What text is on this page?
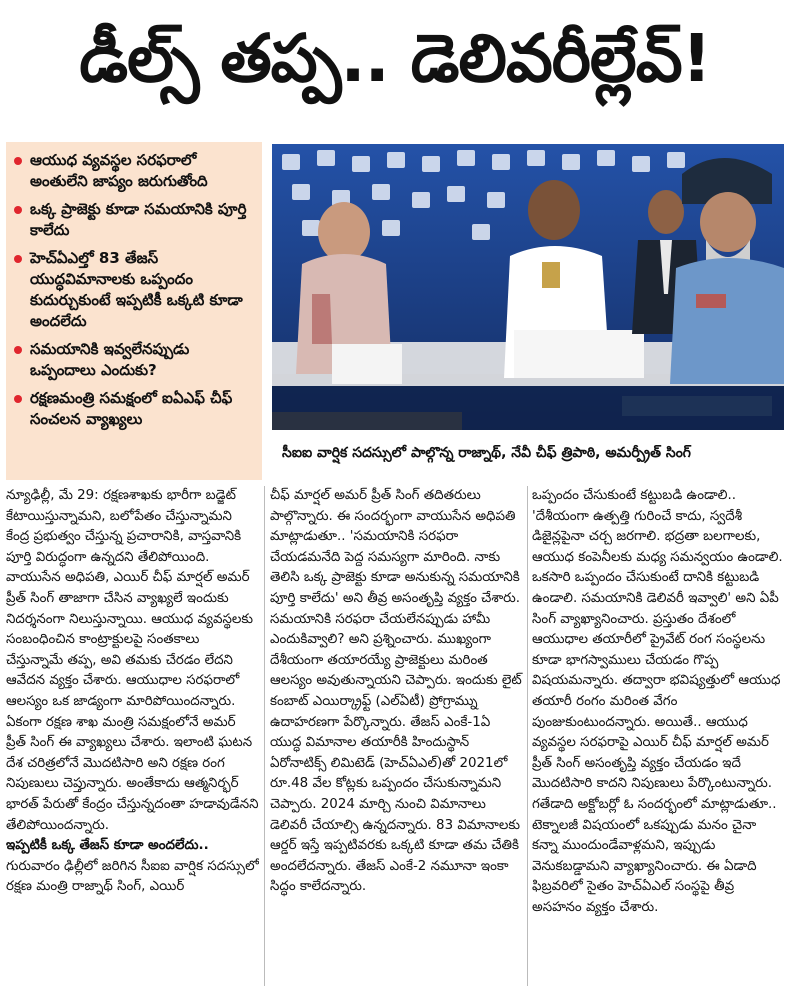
డీల్స్ తప్ప.. డెలివరీల్లేవ్!
ఆయుధ వ్యవస్థల సరఫరాలో అంతులేని జాప్యం జరుగుతోంది
ఒక్క ప్రాజెక్టు కూడా సమయానికి పూర్తి కాలేదు
హెచ్ఏఎల్తో 83 తేజస్ యుద్ధవిమానాలకు ఒప్పందం కుదుర్చుకుంటే ఇప్పటికీ ఒక్కటి కూడా అందలేదు
సమయానికి ఇవ్వలేనప్పుడు ఒప్పందాలు ఎందుకు?
రక్షణమంత్రి సమక్షంలో ఐఏఎఫ్ చీఫ్ సంచలన వ్యాఖ్యలు
సీఐఐ వార్షిక సదస్సులో పాల్గొన్న రాజ్నాథ్, నేవీ చీఫ్ త్రిపాఠి, అమర్ప్రీత్ సింగ్

న్యూఢిల్లీ, మే 29: రక్షణశాఖకు భారీగా బడ్జెట్ కేటాయిస్తున్నామని, బలోపేతం చేస్తున్నామని కేంద్ర ప్రభుత్వం చేస్తున్న ప్రచారానికి, వాస్తవానికి పూర్తి విరుద్ధంగా ఉన్నదని తేలిపోయింది. వాయుసేన అధిపతి, ఎయిర్ చీఫ్ మార్షల్ అమర్ ప్రీత్ సింగ్ తాజాగా చేసిన వ్యాఖ్యలే ఇందుకు నిదర్శనంగా నిలుస్తున్నాయి. ఆయుధ వ్యవస్థలకు సంబంధించిన కాంట్రాక్టులపై సంతకాలు చేస్తున్నామే తప్ప, అవి తమకు చేరడం లేదని ఆవేదన వ్యక్తం చేశారు. ఆయుధాల సరఫరాలో ఆలస్యం ఒక జాడ్యంగా మారిపోయిందన్నారు. ఏకంగా రక్షణ శాఖ మంత్రి సమక్షంలోనే అమర్ ప్రీత్ సింగ్ ఈ వ్యాఖ్యలు చేశారు. ఇలాంటి ఘటన దేశ చరిత్రలోనే మొదటిసారి అని రక్షణ రంగ నిపుణులు చెప్తున్నారు. అంతేకాదు ఆత్మనిర్భర్ భారత్ పేరుతో కేంద్రం చేస్తున్నదంతా హడావుడేనని తేలిపోయిందన్నారు.

ఇప్పటికీ ఒక్క తేజస్ కూడా అందలేదు..

గురువారం ఢిల్లీలో జరిగిన సీఐఐ వార్షిక సదస్సులో రక్షణ మంత్రి రాజ్నాథ్ సింగ్, ఎయిర్

చీఫ్ మార్షల్ అమర్ ప్రీత్ సింగ్ తదితరులు పాల్గొన్నారు. ఈ సందర్భంగా వాయుసేన అధిపతి మాట్లాడుతూ.. 'సమయానికి సరఫరా చేయడమనేది పెద్ద సమస్యగా మారింది. నాకు తెలిసి ఒక్క ప్రాజెక్టు కూడా అనుకున్న సమయానికి పూర్తి కాలేదు' అని తీవ్ర అసంతృప్తి వ్యక్తం చేశారు. సమయానికి సరఫరా చేయలేనప్పుడు హామీ ఎందుకివ్వాలి? అని ప్రశ్నించారు. ముఖ్యంగా దేశీయంగా తయారయ్యే ప్రాజెక్టులు మరింత ఆలస్యం అవుతున్నాయని చెప్పారు. ఇందుకు లైట్ కంబాట్ ఎయిర్క్రాఫ్ట్ (ఎల్ఏటీ) ప్రోగ్రామ్ను ఉదాహరణగా పేర్కొన్నారు. తేజస్ ఎంకే-1ఏ యుద్ధ విమానాల తయారీకి హిందుస్థాన్ ఏరోనాటిక్స్ లిమిటెడ్ (హెచ్ఏఎల్)తో 2021లో రూ.48 వేల కోట్లకు ఒప్పందం చేసుకున్నామని చెప్పారు. 2024 మార్చి నుంచి విమానాలు డెలివరీ చేయాల్సి ఉన్నదన్నారు. 83 విమానాలకు ఆర్డర్ ఇస్తే ఇప్పటివరకు ఒక్కటి కూడా తమ చేతికి అందలేదన్నారు. తేజస్ ఎంకే-2 నమూనా ఇంకా సిద్ధం కాలేదన్నారు.

ఒప్పందం చేసుకుంటే కట్టుబడి ఉండాలి.. 'దేశీయంగా ఉత్పత్తి గురించే కాదు, స్వదేశీ డిజైన్లపైనా చర్చ జరగాలి. భద్రతా బలగాలకు, ఆయుధ కంపెనీలకు మధ్య సమన్వయం ఉండాలి. ఒకసారి ఒప్పందం చేసుకుంటే దానికి కట్టుబడి ఉండాలి. సమయానికి డెలివరీ ఇవ్వాలి' అని ఏపీ సింగ్ వ్యాఖ్యానించారు. ప్రస్తుతం దేశంలో ఆయుధాల తయారీలో ప్రైవేట్ రంగ సంస్థలను కూడా భాగస్వాములు చేయడం గొప్ప విషయమన్నారు. తద్వారా భవిష్యత్తులో ఆయుధ తయారీ రంగం మరింత వేగం పుంజుకుంటుందన్నారు. అయితే.. ఆయుధ వ్యవస్థల సరఫరాపై ఎయిర్ చీఫ్ మార్షల్ అమర్ ప్రీత్ సింగ్ అసంతృప్తి వ్యక్తం చేయడం ఇదే మొదటిసారి కాదని నిపుణులు పేర్కొంటున్నారు. గతేడాది అక్టోబర్లో ఓ సందర్భంలో మాట్లాడుతూ.. టెక్నాలజీ విషయంలో ఒకప్పుడు మనం చైనా కన్నా ముందుండేవాళ్లమని, ఇప్పుడు వెనుకబడ్డామని వ్యాఖ్యానించారు. ఈ ఏడాది ఫిబ్రవరిలో సైతం హెచ్ఏఎల్ సంస్థపై తీవ్ర అసహనం వ్యక్తం చేశారు.
